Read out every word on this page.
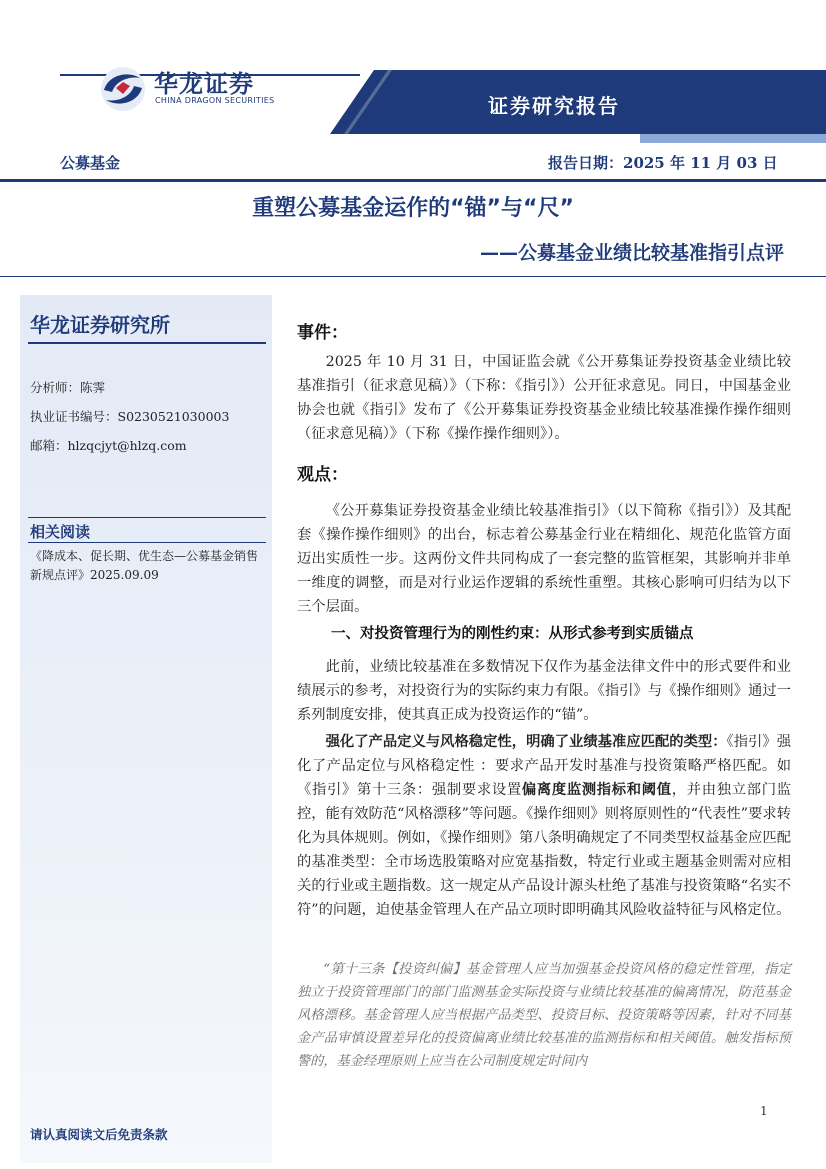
华龙证券
CHINA DRAGON SECURITIES	证券研究报告
公募基金	报告日期：2025 年 11 月 03 日
重塑公募基金运作的“锚”与“尺”
——公募基金业绩比较基准指引点评
华龙证券研究所
分析师：陈霁
执业证书编号：S0230521030003
邮箱：hlzqcjyt@hlzq.com
相关阅读
《降成本、促长期、优生态—公募基金销售新规点评》2025.09.09
请认真阅读文后免责条款
事件：
2025 年 10 月 31 日，中国证监会就《公开募集证券投资基金业绩比较基准指引（征求意见稿）》（下称：《指引》）公开征求意见。同日，中国基金业协会也就《指引》发布了《公开募集证券投资基金业绩比较基准操作操作细则（征求意见稿）》（下称《操作操作细则》）。
观点：
《公开募集证券投资基金业绩比较基准指引》（以下简称《指引》）及其配套《操作操作细则》的出台，标志着公募基金行业在精细化、规范化监管方面迈出实质性一步。这两份文件共同构成了一套完整的监管框架，其影响并非单一维度的调整，而是对行业运作逻辑的系统性重塑。其核心影响可归结为以下三个层面。
一、对投资管理行为的刚性约束：从形式参考到实质锚点
此前，业绩比较基准在多数情况下仅作为基金法律文件中的形式要件和业绩展示的参考，对投资行为的实际约束力有限。《指引》与《操作细则》通过一系列制度安排，使其真正成为投资运作的“锚”。
强化了产品定义与风格稳定性，明确了业绩基准应匹配的类型：《指引》强化了产品定位与风格稳定性 ：要求产品开发时基准与投资策略严格匹配。如《指引》第十三条：强制要求设置偏离度监测指标和阈值，并由独立部门监控，能有效防范“风格漂移”等问题。《操作细则》则将原则性的“代表性”要求转化为具体规则。例如，《操作细则》第八条明确规定了不同类型权益基金应匹配的基准类型：全市场选股策略对应宽基指数，特定行业或主题基金则需对应相关的行业或主题指数。这一规定从产品设计源头杜绝了基准与投资策略“名实不符”的问题，迫使基金管理人在产品立项时即明确其风险收益特征与风格定位。
“第十三条【投资纠偏】基金管理人应当加强基金投资风格的稳定性管理，指定独立于投资管理部门的部门监测基金实际投资与业绩比较基准的偏离情况，防范基金风格漂移。基金管理人应当根据产品类型、投资目标、投资策略等因素，针对不同基金产品审慎设置差异化的投资偏离业绩比较基准的监测指标和相关阈值。触发指标预警的，基金经理原则上应当在公司制度规定时间内
1
